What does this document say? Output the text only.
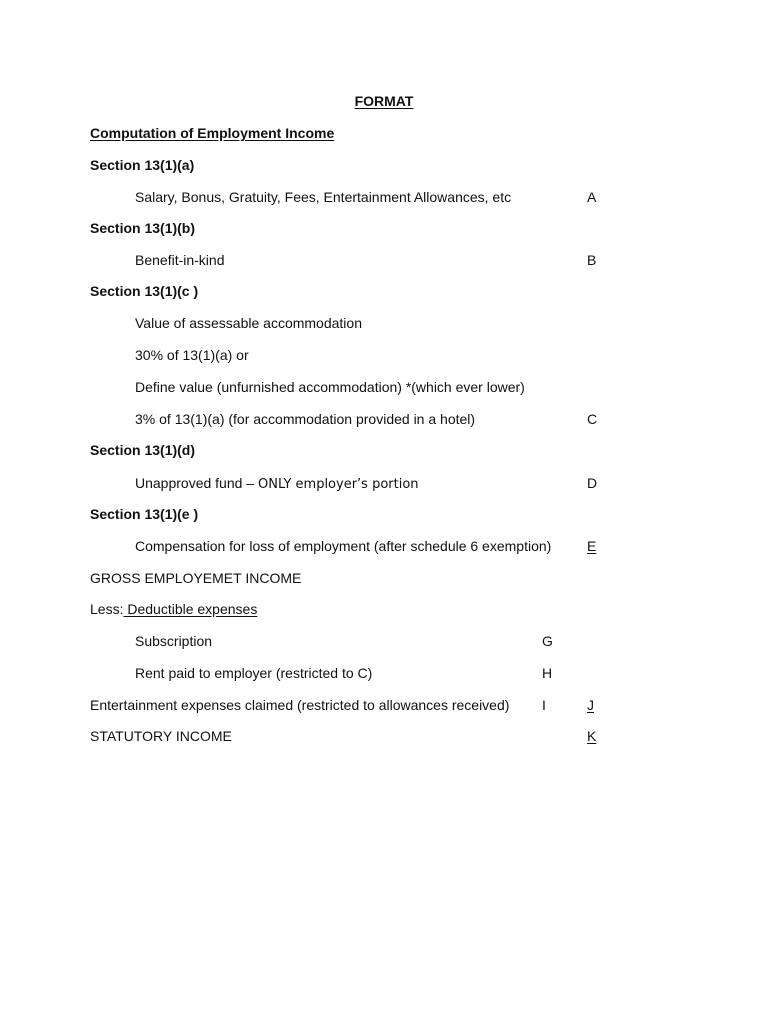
FORMAT
Computation of Employment Income
Section 13(1)(a)
Salary, Bonus, Gratuity, Fees, Entertainment Allowances, etc	A
Section 13(1)(b)
Benefit-in-kind	B
Section 13(1)(c )
Value of assessable accommodation
30% of 13(1)(a) or
Define value (unfurnished accommodation) *(which ever lower)
3% of 13(1)(a) (for accommodation provided in a hotel)	C
Section 13(1)(d)
Unapproved fund – ONLY employer’s portion	D
Section 13(1)(e )
Compensation for loss of employment (after schedule 6 exemption)	E
GROSS EMPLOYEMET INCOME
Less: Deductible expenses
Subscription	G
Rent paid to employer (restricted to C)	H
Entertainment expenses claimed (restricted to allowances received) I	J
STATUTORY INCOME	K
